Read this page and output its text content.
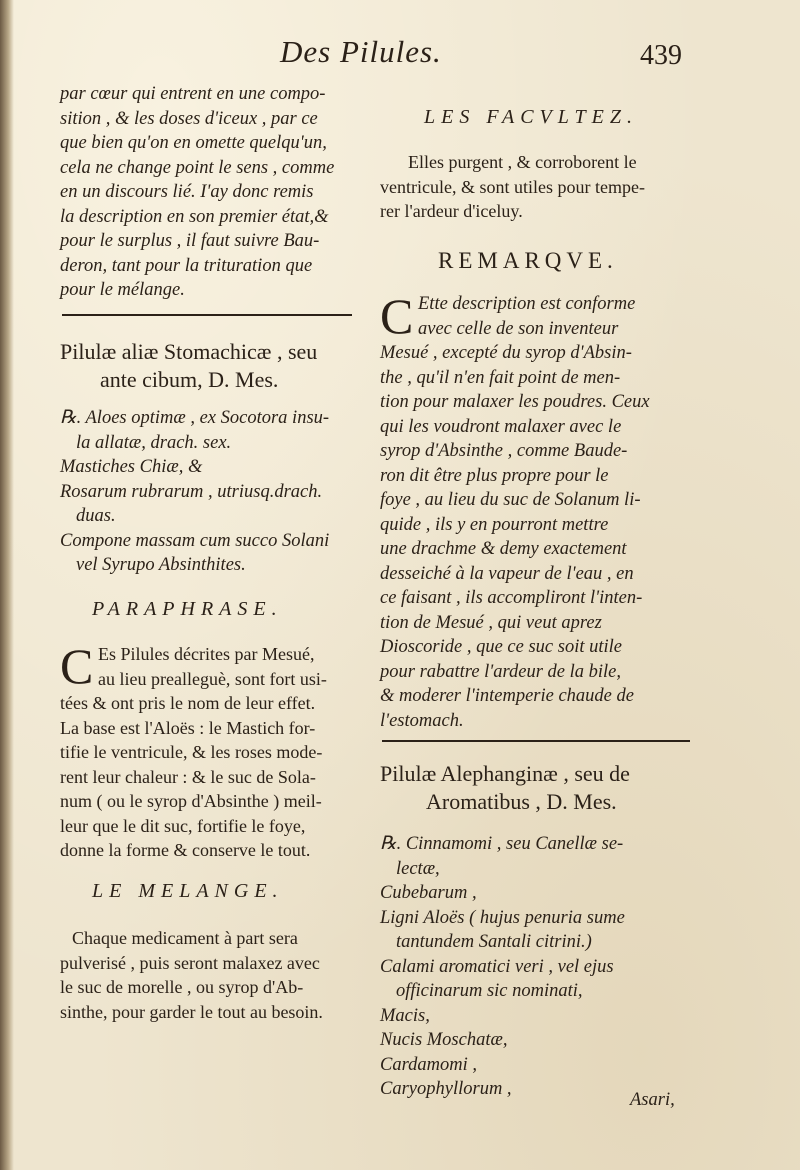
Des Pilules.	439
par cœur qui entrent en une compo-
sition , & les doses d'iceux , par ce
que bien qu'on en omette quelqu'un,
cela ne change point le sens , comme
en un discours lié. I'ay donc remis
la description en son premier état,&
pour le surplus , il faut suivre Bau-
deron, tant pour la trituration que
pour le mélange.
Pilulæ aliæ Stomachicæ , seu
ante cibum, D. Mes.
℞. Aloes optimæ , ex Socotora insu-
la allatæ, drach. sex.
Mastiches Chiæ, &
Rosarum rubrarum , utriusq.drach.
duas.
Compone massam cum succo Solani
vel Syrupo Absinthites.
PARAPHRASE.
C Es Pilules décrites par Mesué,
au lieu prealleguè, sont fort usi-
tées & ont pris le nom de leur effet.
La base est l'Aloës : le Mastich for-
tifie le ventricule, & les roses mode-
rent leur chaleur : & le suc de Sola-
num ( ou le syrop d'Absinthe ) meil-
leur que le dit suc, fortifie le foye,
donne la forme & conserve le tout.
LE MELANGE.
Chaque medicament à part sera
pulverisé , puis seront malaxez avec
le suc de morelle , ou syrop d'Ab-
sinthe, pour garder le tout au besoin.
LES FACVLTEZ.
Elles purgent , & corroborent le
ventricule, & sont utiles pour tempe-
rer l'ardeur d'iceluy.
REMARQVE.
C Ette description est conforme
avec celle de son inventeur
Mesué , excepté du syrop d'Absin-
the , qu'il n'en fait point de men-
tion pour malaxer les poudres. Ceux
qui les voudront malaxer avec le
syrop d'Absinthe , comme Baude-
ron dit être plus propre pour le
foye , au lieu du suc de Solanum li-
quide , ils y en pourront mettre
une drachme & demy exactement
desseiché à la vapeur de l'eau , en
ce faisant , ils accompliront l'inten-
tion de Mesué , qui veut aprez
Dioscoride , que ce suc soit utile
pour rabattre l'ardeur de la bile,
& moderer l'intemperie chaude de
l'estomach.
Pilulæ Alephanginæ , seu de
Aromatibus , D. Mes.
℞. Cinnamomi , seu Canellæ se-
lectæ,
Cubebarum ,
Ligni Aloës ( hujus penuria sume
tantundem Santali citrini.)
Calami aromatici veri , vel ejus
officinarum sic nominati,
Macis,
Nucis Moschatæ,
Cardamomi ,
Caryophyllorum ,
Asari,
